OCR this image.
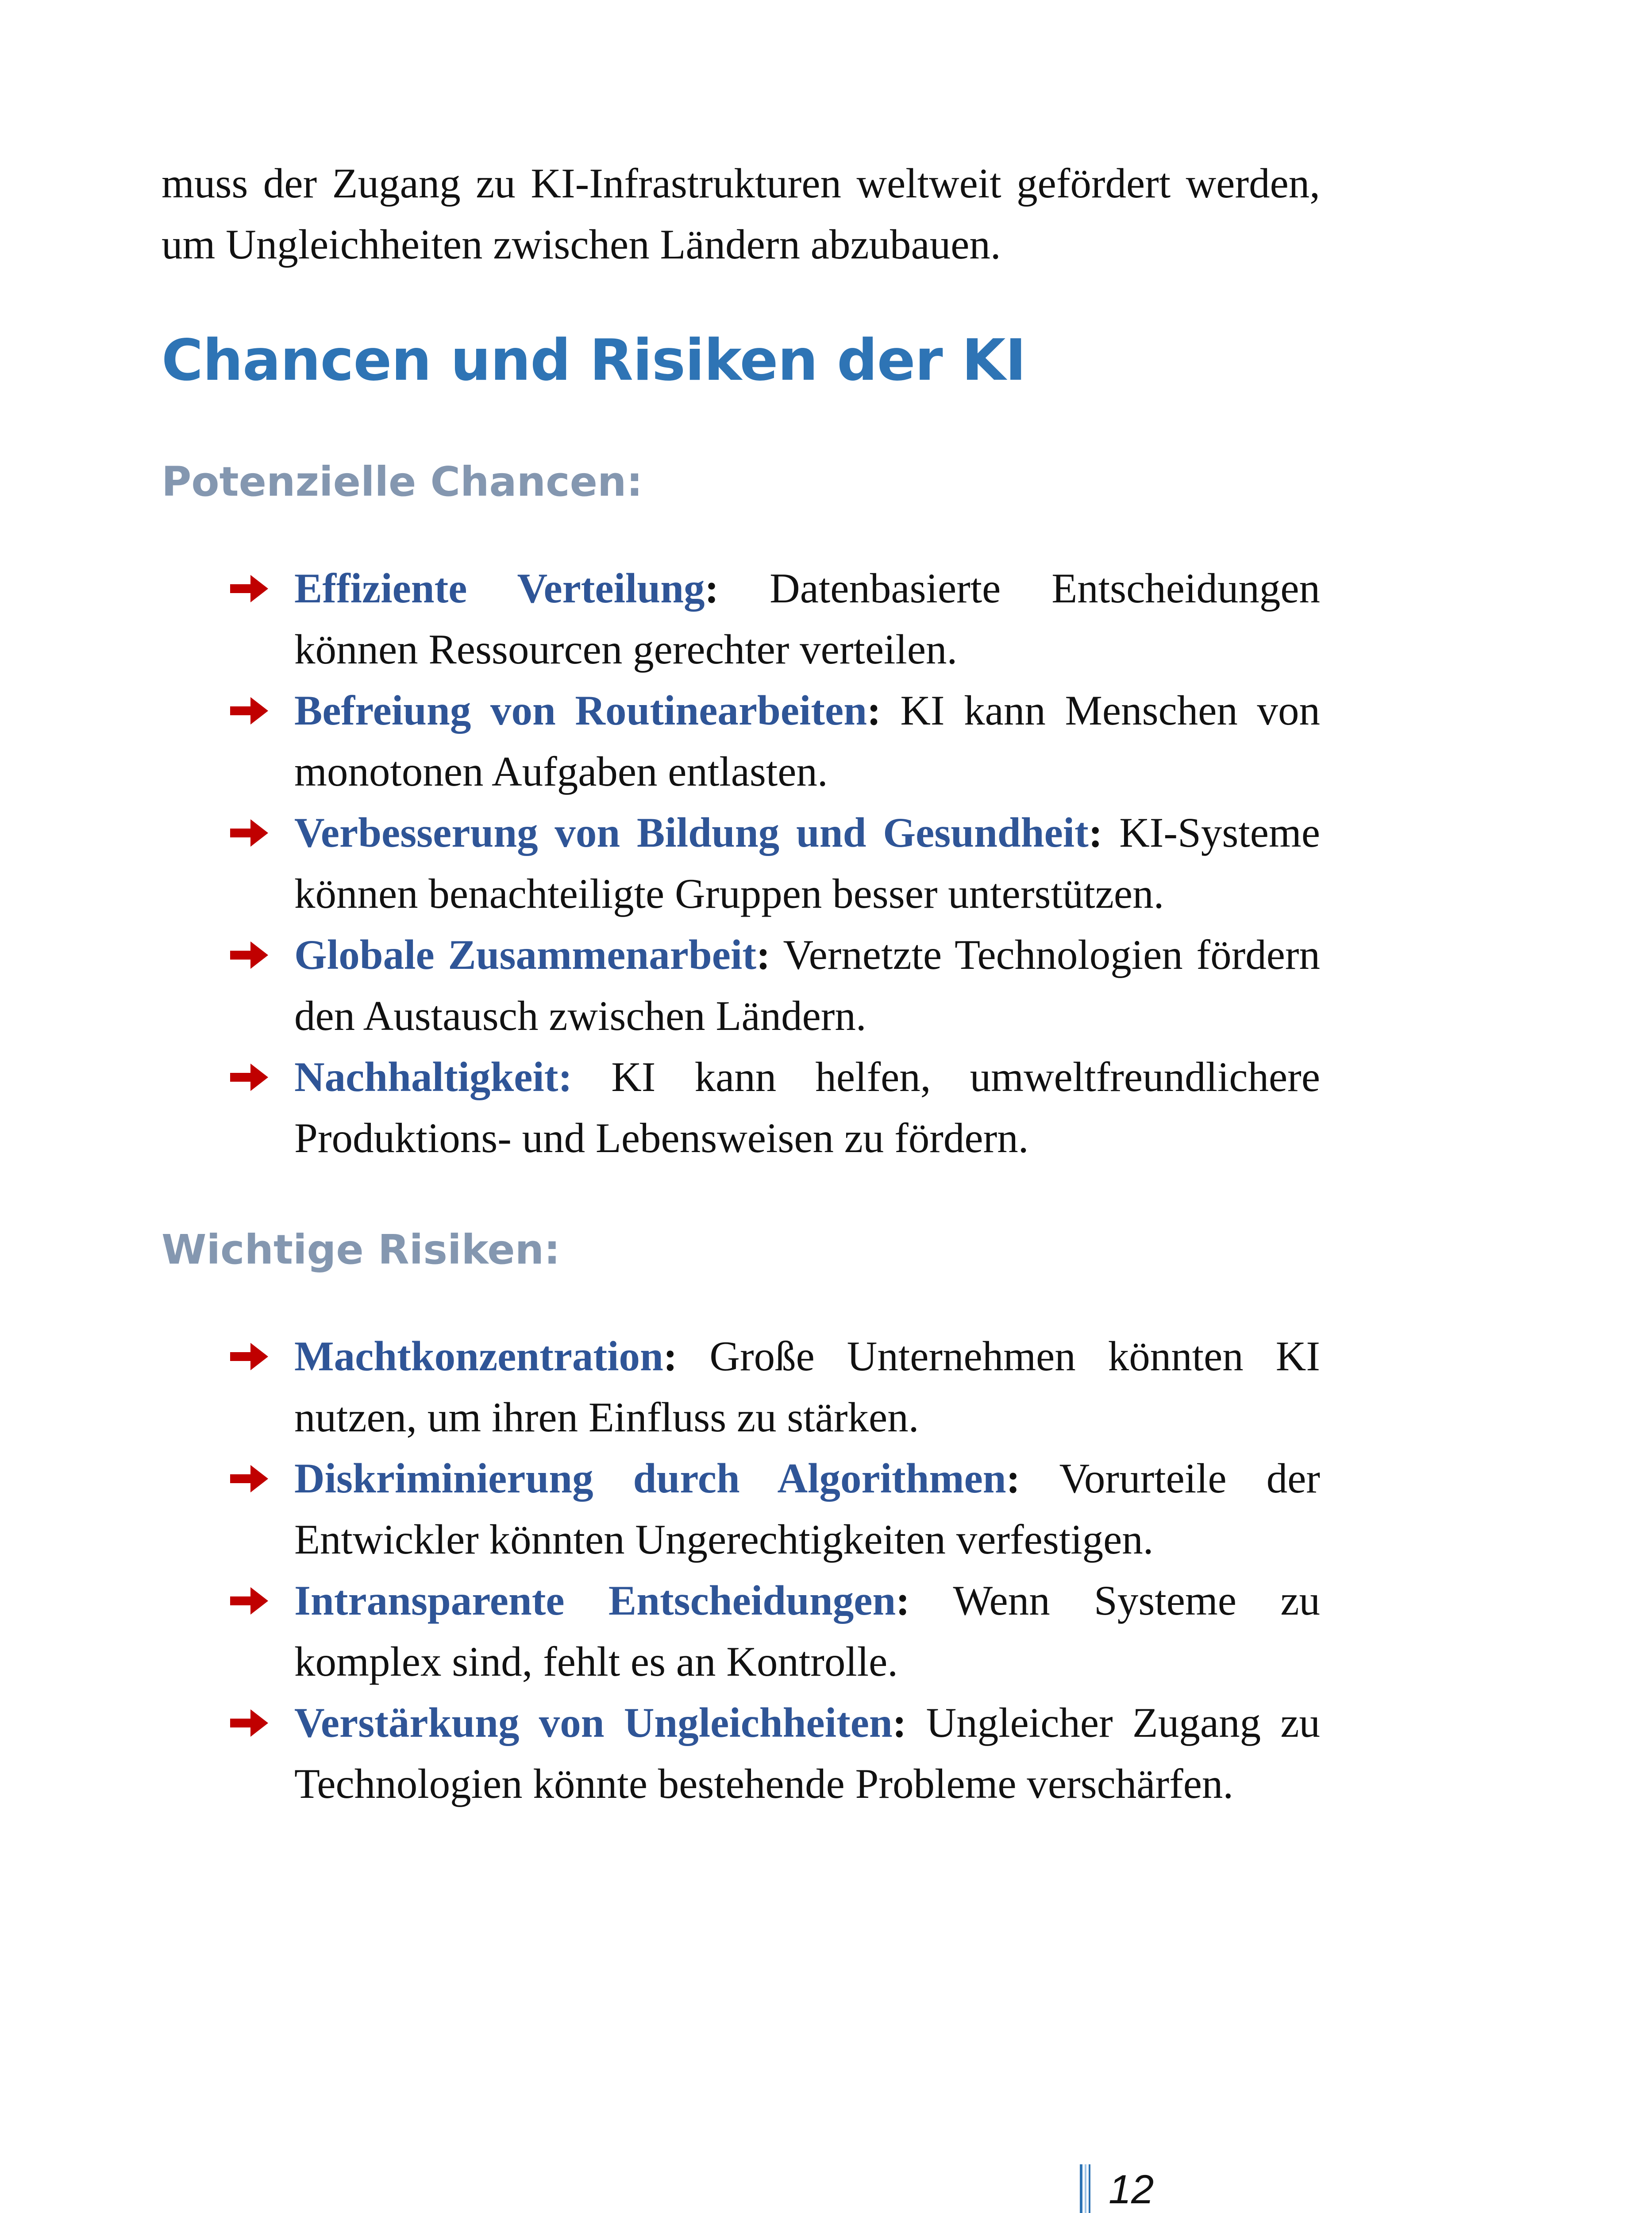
muss der Zugang zu KI-Infrastrukturen weltweit gefördert werden, um Ungleichheiten zwischen Ländern abzubauen.
Chancen und Risiken der KI
Potenzielle Chancen:
Effiziente Verteilung: Datenbasierte Entscheidungen können Ressourcen gerechter verteilen.
Befreiung von Routinearbeiten: KI kann Menschen von monotonen Aufgaben entlasten.
Verbesserung von Bildung und Gesundheit: KI-Systeme können benachteiligte Gruppen besser unterstützen.
Globale Zusammenarbeit: Vernetzte Technologien fördern den Austausch zwischen Ländern.
Nachhaltigkeit: KI kann helfen, umweltfreundlichere Produktions- und Lebensweisen zu fördern.
Wichtige Risiken:
Machtkonzentration: Große Unternehmen könnten KI nutzen, um ihren Einfluss zu stärken.
Diskriminierung durch Algorithmen: Vorurteile der Entwickler könnten Ungerechtigkeiten verfestigen.
Intransparente Entscheidungen: Wenn Systeme zu komplex sind, fehlt es an Kontrolle.
Verstärkung von Ungleichheiten: Ungleicher Zugang zu Technologien könnte bestehende Probleme verschärfen.
12
